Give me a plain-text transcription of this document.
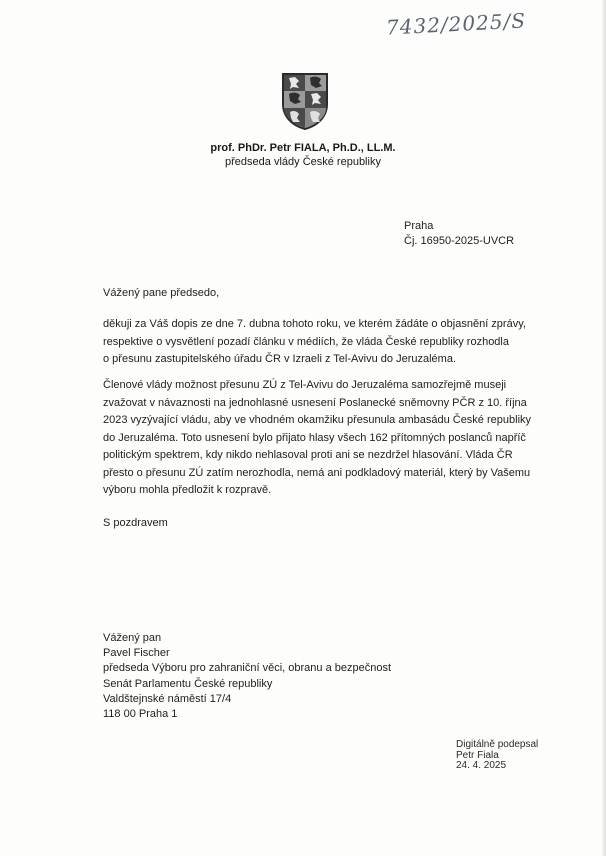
7432/2025/S
prof. PhDr. Petr FIALA, Ph.D., LL.M.
předseda vlády České republiky
Praha
Čj. 16950-2025-UVCR
Vážený pane předsedo,
děkuji za Váš dopis ze dne 7. dubna tohoto roku, ve kterém žádáte o objasnění zprávy,
respektive o vysvětlení pozadí článku v médiích, že vláda České republiky rozhodla
o přesunu zastupitelského úřadu ČR v Izraeli z Tel-Avivu do Jeruzaléma.
Členové vlády možnost přesunu ZÚ z Tel-Avivu do Jeruzaléma samozřejmě museji
zvažovat v návaznosti na jednohlasné usnesení Poslanecké sněmovny PČR z 10. října
2023 vyzývající vládu, aby ve vhodném okamžiku přesunula ambasádu České republiky
do Jeruzaléma. Toto usnesení bylo přijato hlasy všech 162 přítomných poslanců napříč
politickým spektrem, kdy nikdo nehlasoval proti ani se nezdržel hlasování. Vláda ČR
přesto o přesunu ZÚ zatím nerozhodla, nemá ani podkladový materiál, který by Vašemu
výboru mohla předložit k rozpravě.
S pozdravem
Vážený pan
Pavel Fischer
předseda Výboru pro zahraniční věci, obranu a bezpečnost
Senát Parlamentu České republiky
Valdštejnské náměstí 17/4
118 00 Praha 1
Digitálně podepsal
Petr Fiala
24. 4. 2025
